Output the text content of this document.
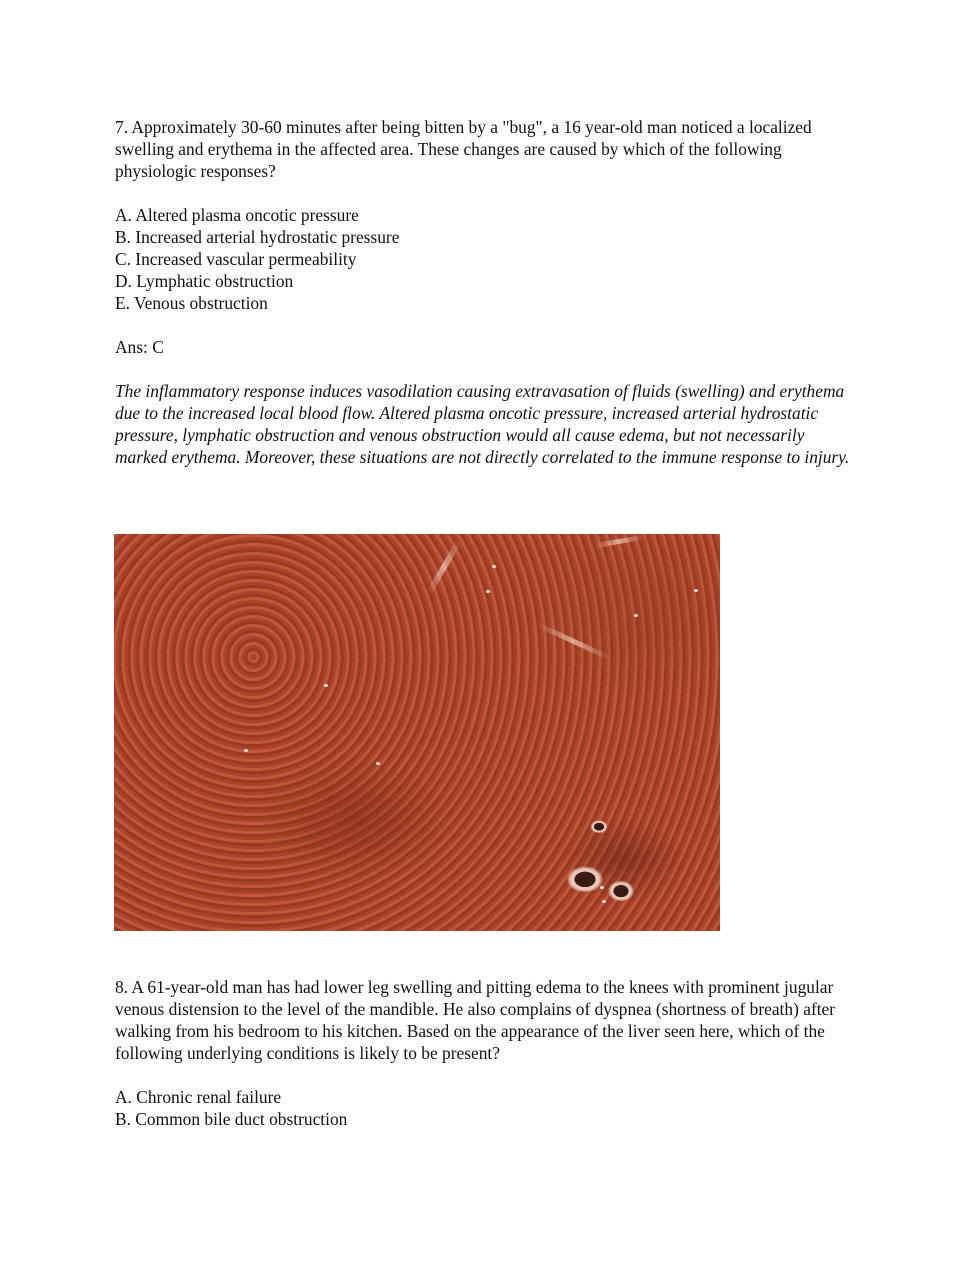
7. Approximately 30-60 minutes after being bitten by a "bug", a 16 year-old man noticed a localized swelling and erythema in the affected area. These changes are caused by which of the following physiologic responses?

A. Altered plasma oncotic pressure
B. Increased arterial hydrostatic pressure
C. Increased vascular permeability
D. Lymphatic obstruction
E. Venous obstruction
Ans: C

The inflammatory response induces vasodilation causing extravasation of fluids (swelling) and erythema due to the increased local blood flow. Altered plasma oncotic pressure, increased arterial hydrostatic pressure, lymphatic obstruction and venous obstruction would all cause edema, but not necessarily marked erythema. Moreover, these situations are not directly correlated to the immune response to injury.

8. A 61-year-old man has had lower leg swelling and pitting edema to the knees with prominent jugular venous distension to the level of the mandible. He also complains of dyspnea (shortness of breath) after walking from his bedroom to his kitchen. Based on the appearance of the liver seen here, which of the following underlying conditions is likely to be present?

A. Chronic renal failure
B. Common bile duct obstruction
